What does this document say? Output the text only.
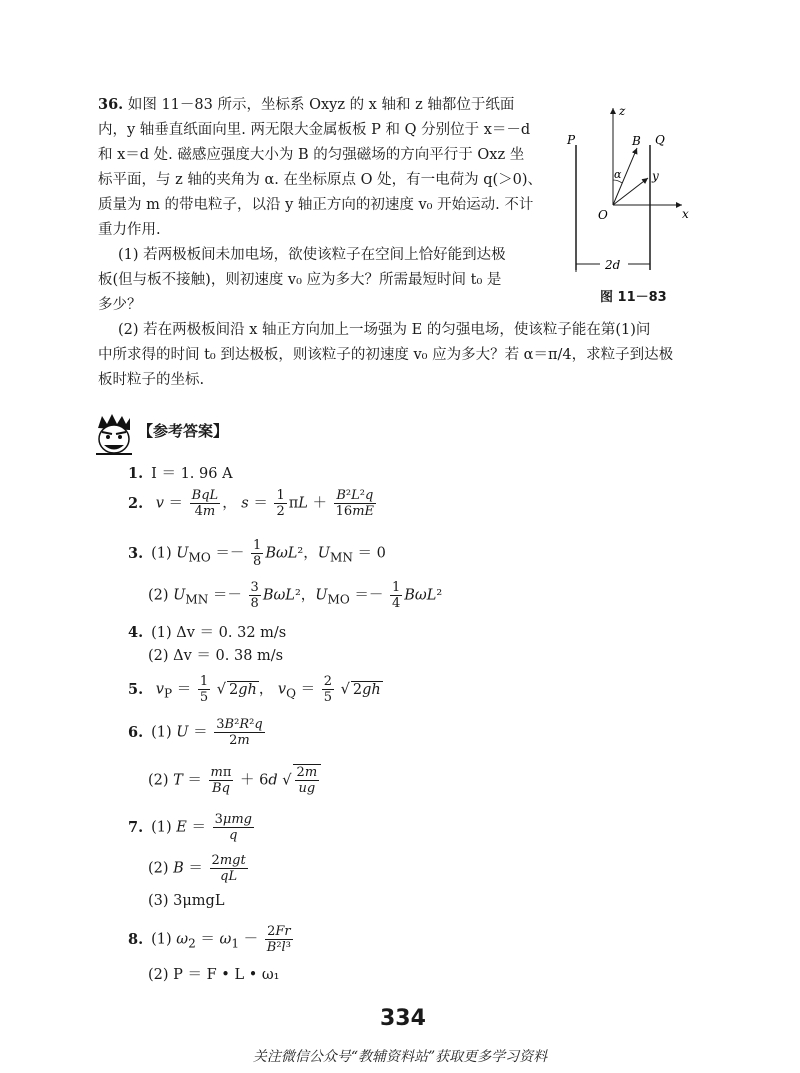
36. 如图 11－83 所示，坐标系 Oxyz 的 x 轴和 z 轴都位于纸面
内，y 轴垂直纸面向里. 两无限大金属板板 P 和 Q 分别位于 x＝－d
和 x＝d 处. 磁感应强度大小为 B 的匀强磁场的方向平行于 Oxz 坐
标平面，与 z 轴的夹角为 α. 在坐标原点 O 处，有一电荷为 q(＞0)、
质量为 m 的带电粒子，以沿 y 轴正方向的初速度 v₀ 开始运动. 不计
重力作用.
(1) 若两极板间未加电场，欲使该粒子在空间上恰好能到达极
板(但与板不接触)，则初速度 v₀ 应为多大？所需最短时间 t₀ 是
多少？
(2) 若在两极板间沿 x 轴正方向加上一场强为 E 的匀强电场，使该粒子能在第(1)问
中所求得的时间 t₀ 到达极板，则该粒子的初速度 v₀ 应为多大？若 α＝π/4，求粒子到达极
板时粒子的坐标.
P	Q
z
x
B
y
α
O
2d
图 11－83
【参考答案】
1. I ＝ 1. 96 A
2. $v = \frac{\text{BqL}}{4m}$ ， $s = \frac{1}{2}$ $\pi L + \frac{\text{B²L²q}}{16mE}$
3. (1) $U_{MO} =- \frac{1}{8} B\omega L^2$，$U_{MN} = 0$
(2) $U_{MN} =- \frac{3}{8} B\omega L^2$，$U_{MO} =- \frac{1}{4} B\omega L^2$
4. (1) Δv ＝ 0. 32 m/s
(2) Δv ＝ 0. 38 m/s
5. $v_P = \frac{1}{5}$ √ 2gh ， $v_Q = \frac{2}{5}$ √ 2gh
6. (1) $U = \frac{\text{3B²R²q}}{2m}$
(2) $T = \frac{m\pi}{Bq} + 6d$ √ $\frac{2m}{ug}$
7. (1) $E = \frac{\text{3μmg}}{q}$
(2) $B = \frac{\text{2mgt}}{qL}$
(3) 3μmgL
8. (1) $\omega_2 = \omega_1 - \frac{2Fr}{\text{B²l³}}$
(2) P ＝ F • L • ω₁
334
关注微信公众号“教辅资料站”获取更多学习资料
